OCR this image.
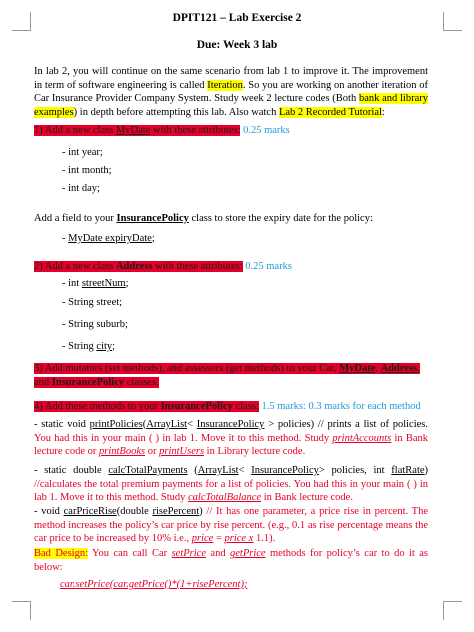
DPIT121 – Lab Exercise 2
Due: Week 3 lab
In lab 2, you will continue on the same scenario from lab 1 to improve it. The improvement in term of software engineering is called Iteration. So you are working on another iteration of Car Insurance Provider Company System. Study week 2 lecture codes (Both bank and library examples) in depth before attempting this lab. Also watch Lab 2 Recorded Tutorial:
1) Add a new class MyDate with these attributes: 0.25 marks
- int year;
- int month;
- int day;
Add a field to your InsurancePolicy class to store the expiry date for the policy:
- MyDate expiryDate;
2) Add a new class Address with these attributes: 0.25 marks
- int streetNum;
- String street;
- String suburb;
- String city;
3) Add mutators (set methods), and assessors (get methods) to your Car, MyDate, Address, and InsurancePolicy classes.
4) Add these methods to your InsurancePolicy class: 1.5 marks: 0.3 marks for each method
- static void printPolicies(ArrayList< InsurancePolicy > policies) // prints a list of policies. You had this in your main ( ) in lab 1. Move it to this method. Study printAccounts in Bank lecture code or printBooks or printUsers in Library lecture code.
- static double calcTotalPayments (ArrayList< InsurancePolicy> policies, int flatRate) //calculates the total premium payments for a list of policies. You had this in your main ( ) in lab 1. Move it to this method. Study calcTotalBalance in Bank lecture code.
- void carPriceRise(double risePercent) // It has one parameter, a price rise in percent. The method increases the policy’s car price by rise percent. (e.g., 0.1 as rise percentage means the car price to be increased by 10% i.e., price = price x 1.1).
Bad Design: You can call Car setPrice and getPrice methods for policy’s car to do it as below:
car.setPrice(car.getPrice()*(1+risePercent);
